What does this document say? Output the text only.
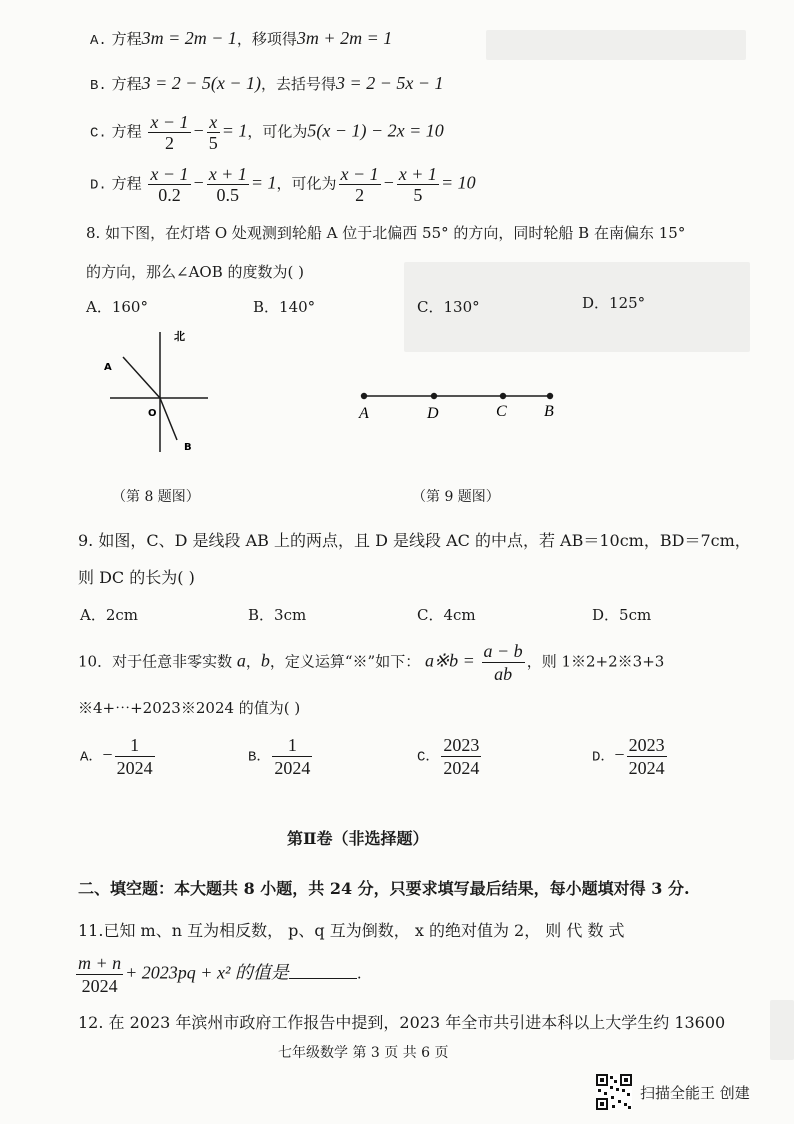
A. 方程3m = 2m − 1，移项得3m + 2m = 1
B. 方程3 = 2 − 5(x − 1)，去括号得3 = 2 − 5x − 1
C. 方程 $\frac{x - 1}{2} - \frac{x}{5} = 1$，可化为5(x − 1) − 2x = 10
D. 方程 $\frac{x - 1}{0.2} - \frac{x + 1}{0.5} = 1$，可化为 $\frac{x - 1}{2} - \frac{x + 1}{5} = 10$
8. 如下图，在灯塔 O 处观测到轮船 A 位于北偏西 55° 的方向，同时轮船 B 在南偏东 15°
的方向，那么∠AOB 的度数为( )
A．160°	B．140°	C．130°	D．125°
北
A
O
B
A	D	C B
（第 8 题图）	（第 9 题图）
9. 如图，C、D 是线段 AB 上的两点，且 D 是线段 AC 的中点，若 AB＝10cm，BD＝7cm，
则 DC 的长为( )
A．2cm	B．3cm	C．4cm	D．5cm
10．对于任意非零实数 a，b，定义运算“※”如下： a※b = $\frac{a - b}{ab}$ ，则 1※2+2※3+3
※4+⋯+2023※2024 的值为( )
A．− $\frac{1}{2024}$	B． $\frac{1}{2024}$	C． $\frac{2023}{2024}$	D．− $\frac{2023}{2024}$
第Ⅱ卷（非选择题）
二、填空题：本大题共 8 小题，共 24 分，只要求填写最后结果，每小题填对得 3 分.
11.已知 m、n 互为相反数， p、q 互为倒数， x 的绝对值为 2， 则 代 数 式
$\frac{m + n}{2024} + 2023pq + x^2$ 的值是	.
12. 在 2023 年滨州市政府工作报告中提到，2023 年全市共引进本科以上大学生约 13600
七年级数学 第 3 页 共 6 页
扫描全能王 创建
